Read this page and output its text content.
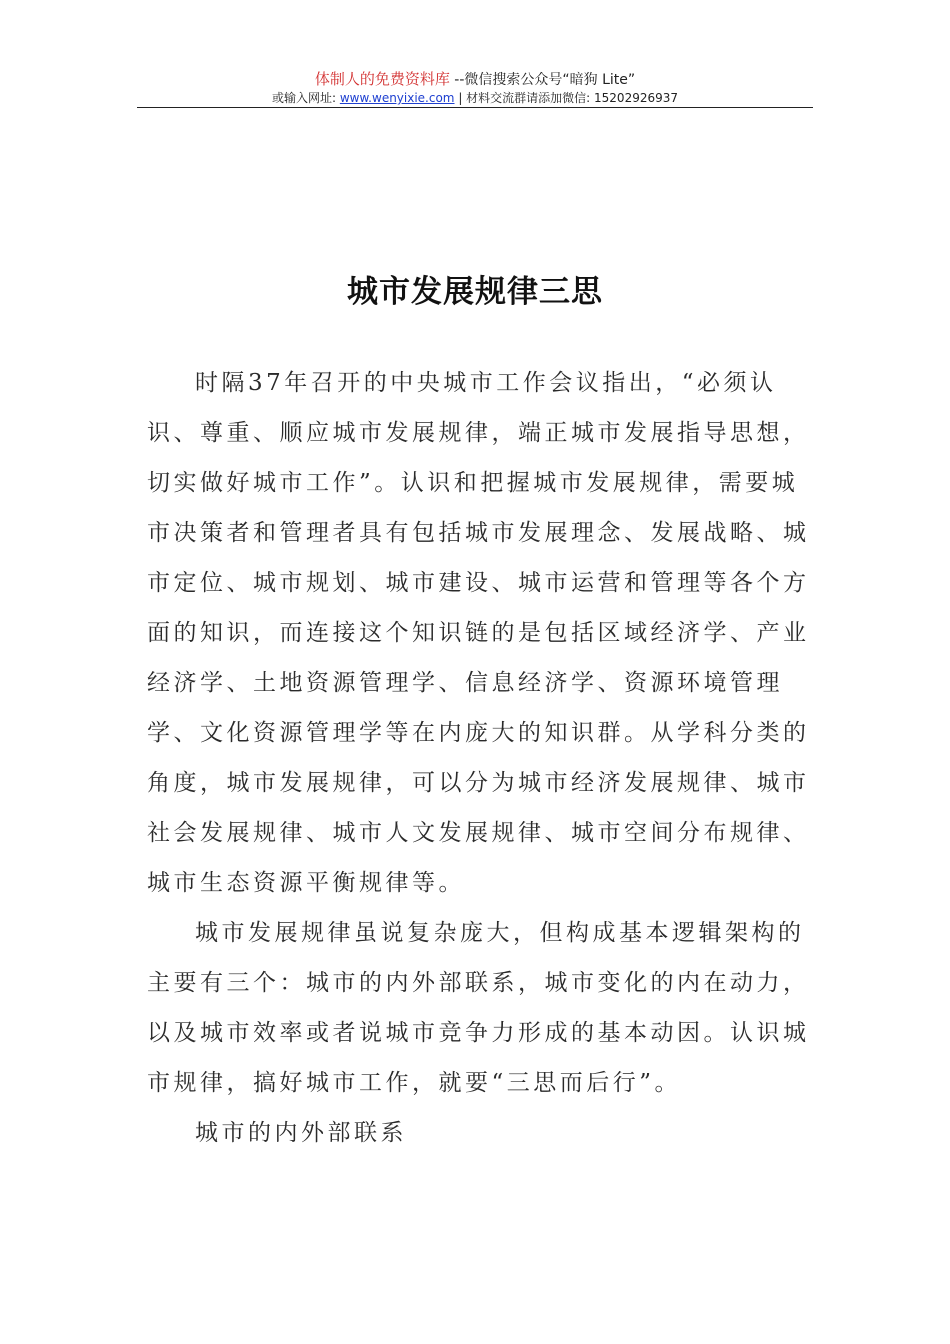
体制人的免费资料库 --微信搜索公众号“暗狗 Lite”
或输入网址: www.wenyixie.com | 材料交流群请添加微信: 15202926937
城市发展规律三思

时隔37年召开的中央城市工作会议指出，“必须认识、尊重、顺应城市发展规律，端正城市发展指导思想，切实做好城市工作”。认识和把握城市发展规律，需要城市决策者和管理者具有包括城市发展理念、发展战略、城市定位、城市规划、城市建设、城市运营和管理等各个方面的知识，而连接这个知识链的是包括区域经济学、产业经济学、土地资源管理学、信息经济学、资源环境管理学、文化资源管理学等在内庞大的知识群。从学科分类的角度，城市发展规律，可以分为城市经济发展规律、城市社会发展规律、城市人文发展规律、城市空间分布规律、城市生态资源平衡规律等。

城市发展规律虽说复杂庞大，但构成基本逻辑架构的主要有三个：城市的内外部联系，城市变化的内在动力，以及城市效率或者说城市竞争力形成的基本动因。认识城市规律，搞好城市工作，就要“三思而后行”。

城市的内外部联系
